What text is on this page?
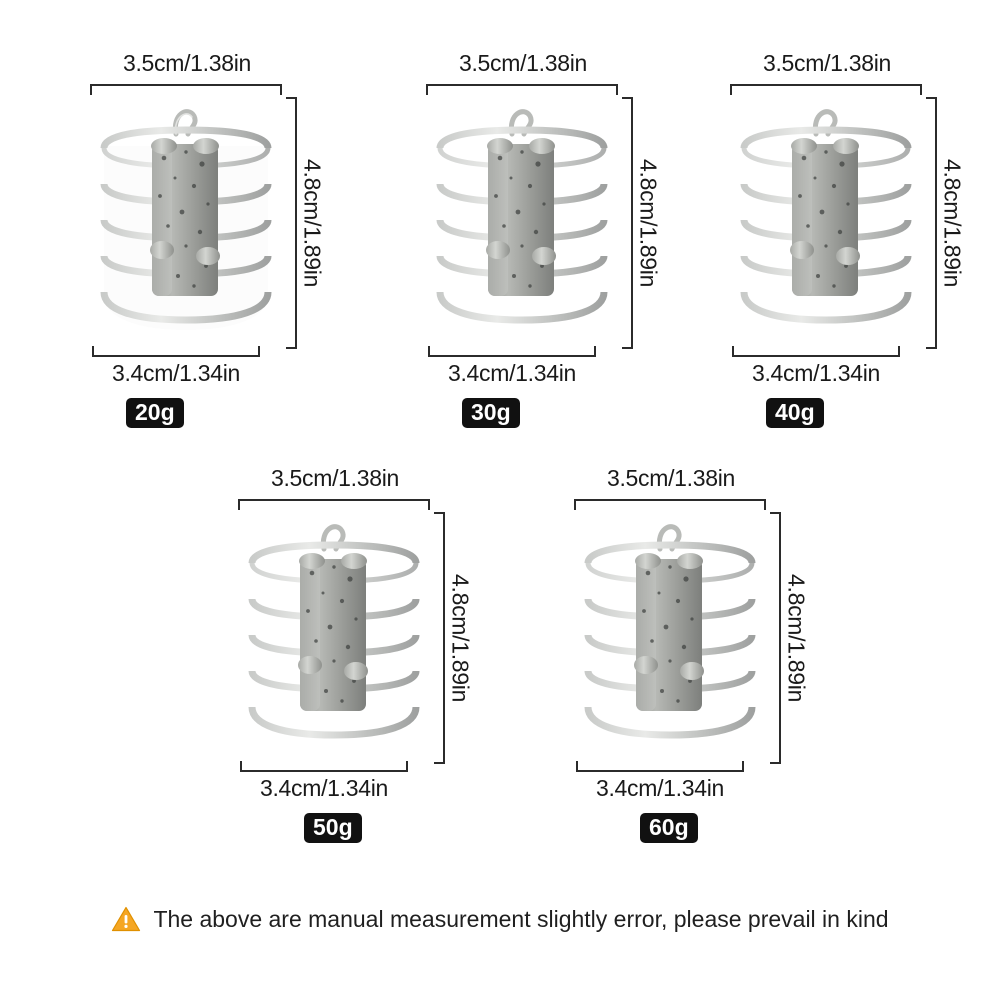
3.5cm/1.38in
3.4cm/1.34in
4.8cm/1.89in
20g
3.5cm/1.38in
3.4cm/1.34in
4.8cm/1.89in
30g
3.5cm/1.38in
3.4cm/1.34in
4.8cm/1.89in
40g
3.5cm/1.38in
3.4cm/1.34in
4.8cm/1.89in
50g
3.5cm/1.38in
3.4cm/1.34in
4.8cm/1.89in
60g
The above are manual measurement slightly error, please prevail in kind
